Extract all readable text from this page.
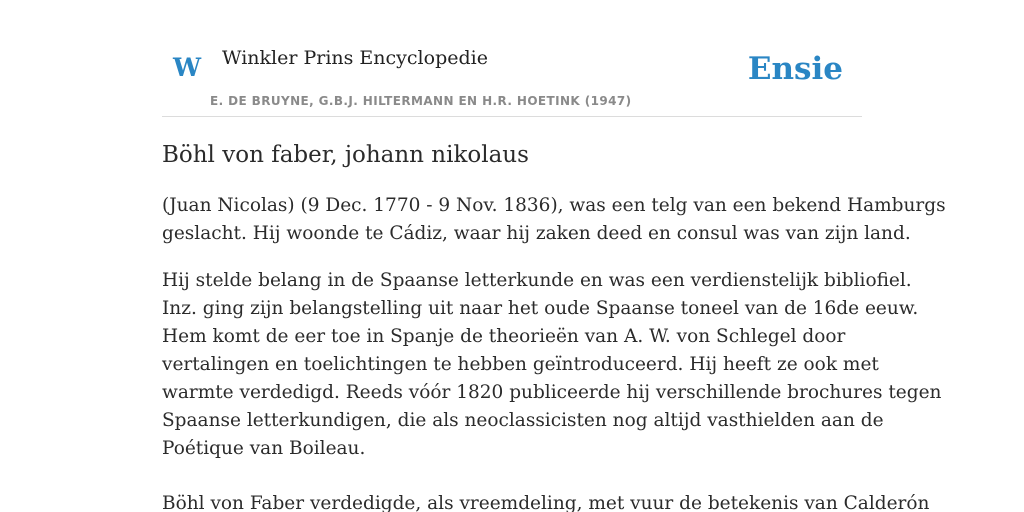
W Winkler Prins Encyclopedie
E. DE BRUYNE, G.B.J. HILTERMANN EN H.R. HOETINK (1947)
Ensie
Böhl von faber, johann nikolaus

(Juan Nicolas) (9 Dec. 1770 - 9 Nov. 1836), was een telg van een bekend Hamburgs
geslacht. Hij woonde te Cádiz, waar hij zaken deed en consul was van zijn land.

Hij stelde belang in de Spaanse letterkunde en was een verdienstelijk bibliofiel.
Inz. ging zijn belangstelling uit naar het oude Spaanse toneel van de 16de eeuw.
Hem komt de eer toe in Spanje de theorieën van A. W. von Schlegel door
vertalingen en toelichtingen te hebben geïntroduceerd. Hij heeft ze ook met
warmte verdedigd. Reeds vóór 1820 publiceerde hij verschillende brochures tegen
Spaanse letterkundigen, die als neoclassicisten nog altijd vasthielden aan de
Poétique van Boileau.

Böhl von Faber verdedigde, als vreemdeling, met vuur de betekenis van Calderón
